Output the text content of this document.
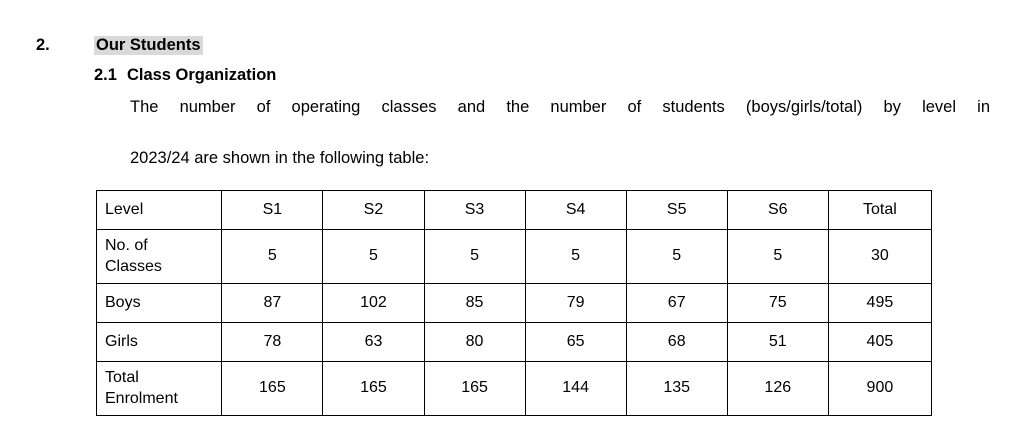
2.	Our Students
2.1 Class Organization
The number of operating classes and the number of students (boys/girls/total) by level in
2023/24 are shown in the following table:
Level	S1	S2	S3	S4	S5	S6	Total
No. of
Classes	5	5	5	5	5	5	30
Boys	87	102	85	79	67	75	495
Girls	78	63	80	65	68	51	405
Total
Enrolment	165	165	165	144	135	126	900
